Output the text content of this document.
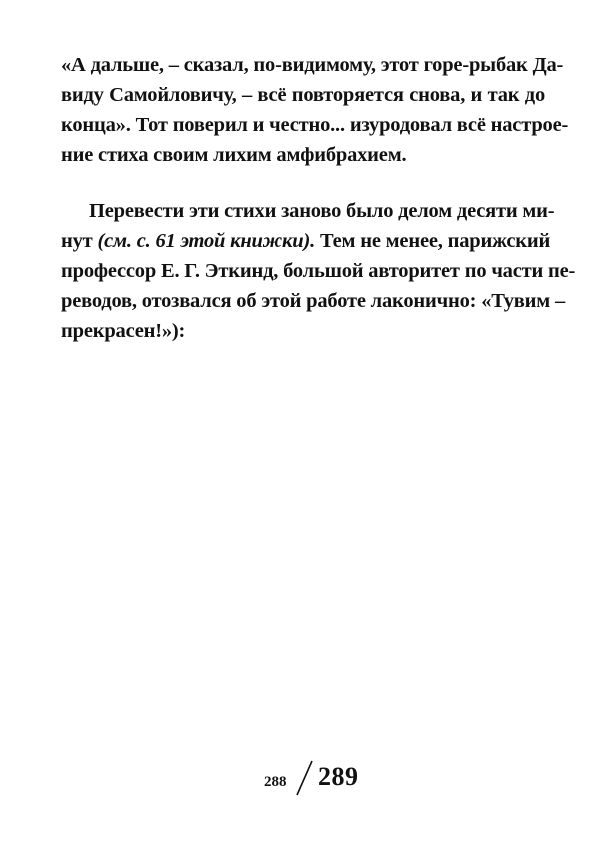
«А дальше, – сказал, по-видимому, этот горе-рыбак Да-
виду Самойловичу, – всё повторяется снова, и так до
конца». Тот поверил и честно... изуродовал всё настрое-
ние стиха своим лихим амфибрахием.
Перевести эти стихи заново было делом десяти ми-
нут (см. с. 61 этой книжки). Тем не менее, парижский
профессор Е. Г. Эткинд, большой авторитет по части пе-
реводов, отозвался об этой работе лаконично: «Тувим –
прекрасен!»):
288 289
